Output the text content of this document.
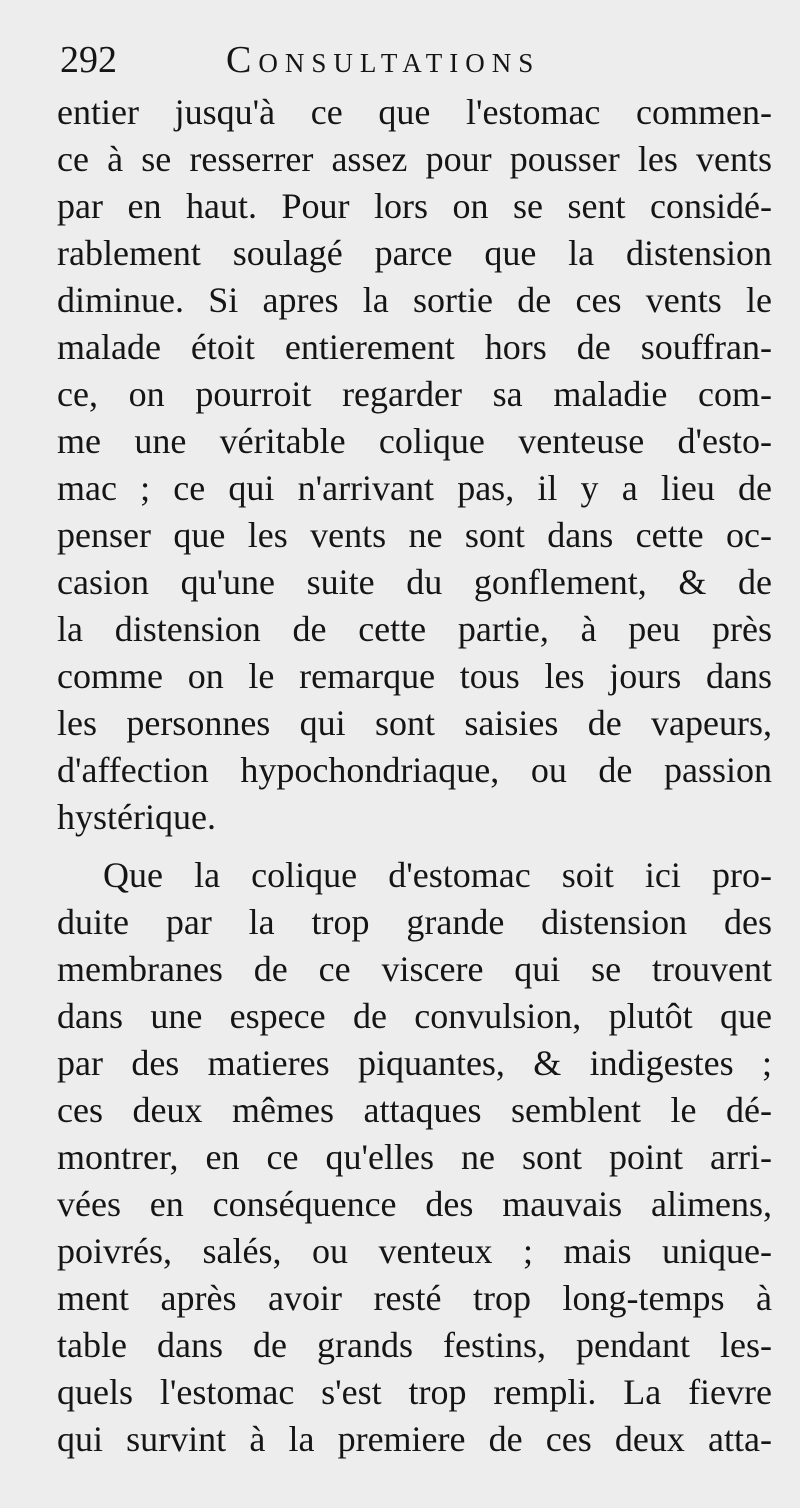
292	Consultations
entier jusqu'à ce que l'estomac commen-
ce à se resserrer assez pour pousser les vents
par en haut. Pour lors on se sent considé-
rablement soulagé parce que la distension
diminue. Si apres la sortie de ces vents le
malade étoit entierement hors de souffran-
ce, on pourroit regarder sa maladie com-
me une véritable colique venteuse d'esto-
mac ; ce qui n'arrivant pas, il y a lieu de
penser que les vents ne sont dans cette oc-
casion qu'une suite du gonflement, & de
la distension de cette partie, à peu près
comme on le remarque tous les jours dans
les personnes qui sont saisies de vapeurs,
d'affection hypochondriaque, ou de passion
hystérique.
Que la colique d'estomac soit ici pro-
duite par la trop grande distension des
membranes de ce viscere qui se trouvent
dans une espece de convulsion, plutôt que
par des matieres piquantes, & indigestes ;
ces deux mêmes attaques semblent le dé-
montrer, en ce qu'elles ne sont point arri-
vées en conséquence des mauvais alimens,
poivrés, salés, ou venteux ; mais unique-
ment après avoir resté trop long-temps à
table dans de grands festins, pendant les-
quels l'estomac s'est trop rempli. La fievre
qui survint à la premiere de ces deux atta-
